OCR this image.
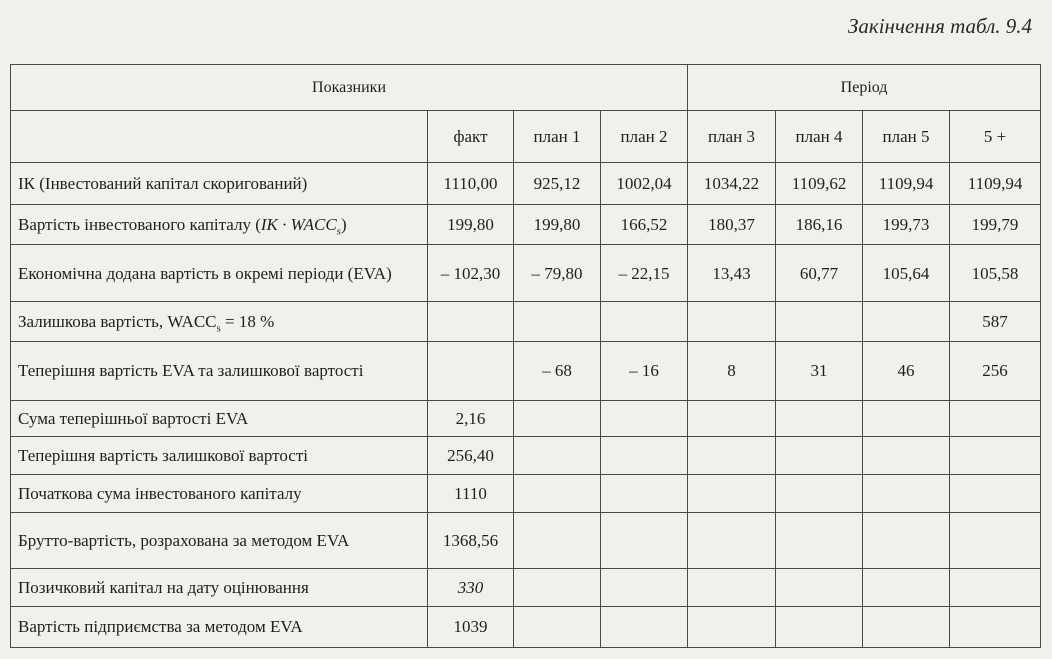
Закінчення табл. 9.4
Показники				Період			
	факт	план 1	план 2	план 3	план 4	план 5	5 +
ІК (Інвестований капітал скоригований)	1110,00	925,12	1002,04	1034,22	1109,62	1109,94	1109,94
Вартість інвестованого капіталу $(IK \cdot WACC_s)$	199,80	199,80	166,52	180,37	186,16	199,73	199,79
Економічна додана вартість в окремі періоди (EVA)	– 102,30	– 79,80	– 22,15	13,43	60,77	105,64	105,58
Залишкова вартість, $WACC_s = 18$ %							587
Теперішня вартість EVA та залишкової вартості		– 68	– 16	8	31	46	256
Сума теперішньої вартості EVA	2,16						
Теперішня вартість залишкової вартості	256,40						
Початкова сума інвестованого капіталу	1110						
Брутто-вартість, розрахована за методом EVA	1368,56						
Позичковий капітал на дату оцінювання	330						
Вартість підприємства за методом EVA	1039						
